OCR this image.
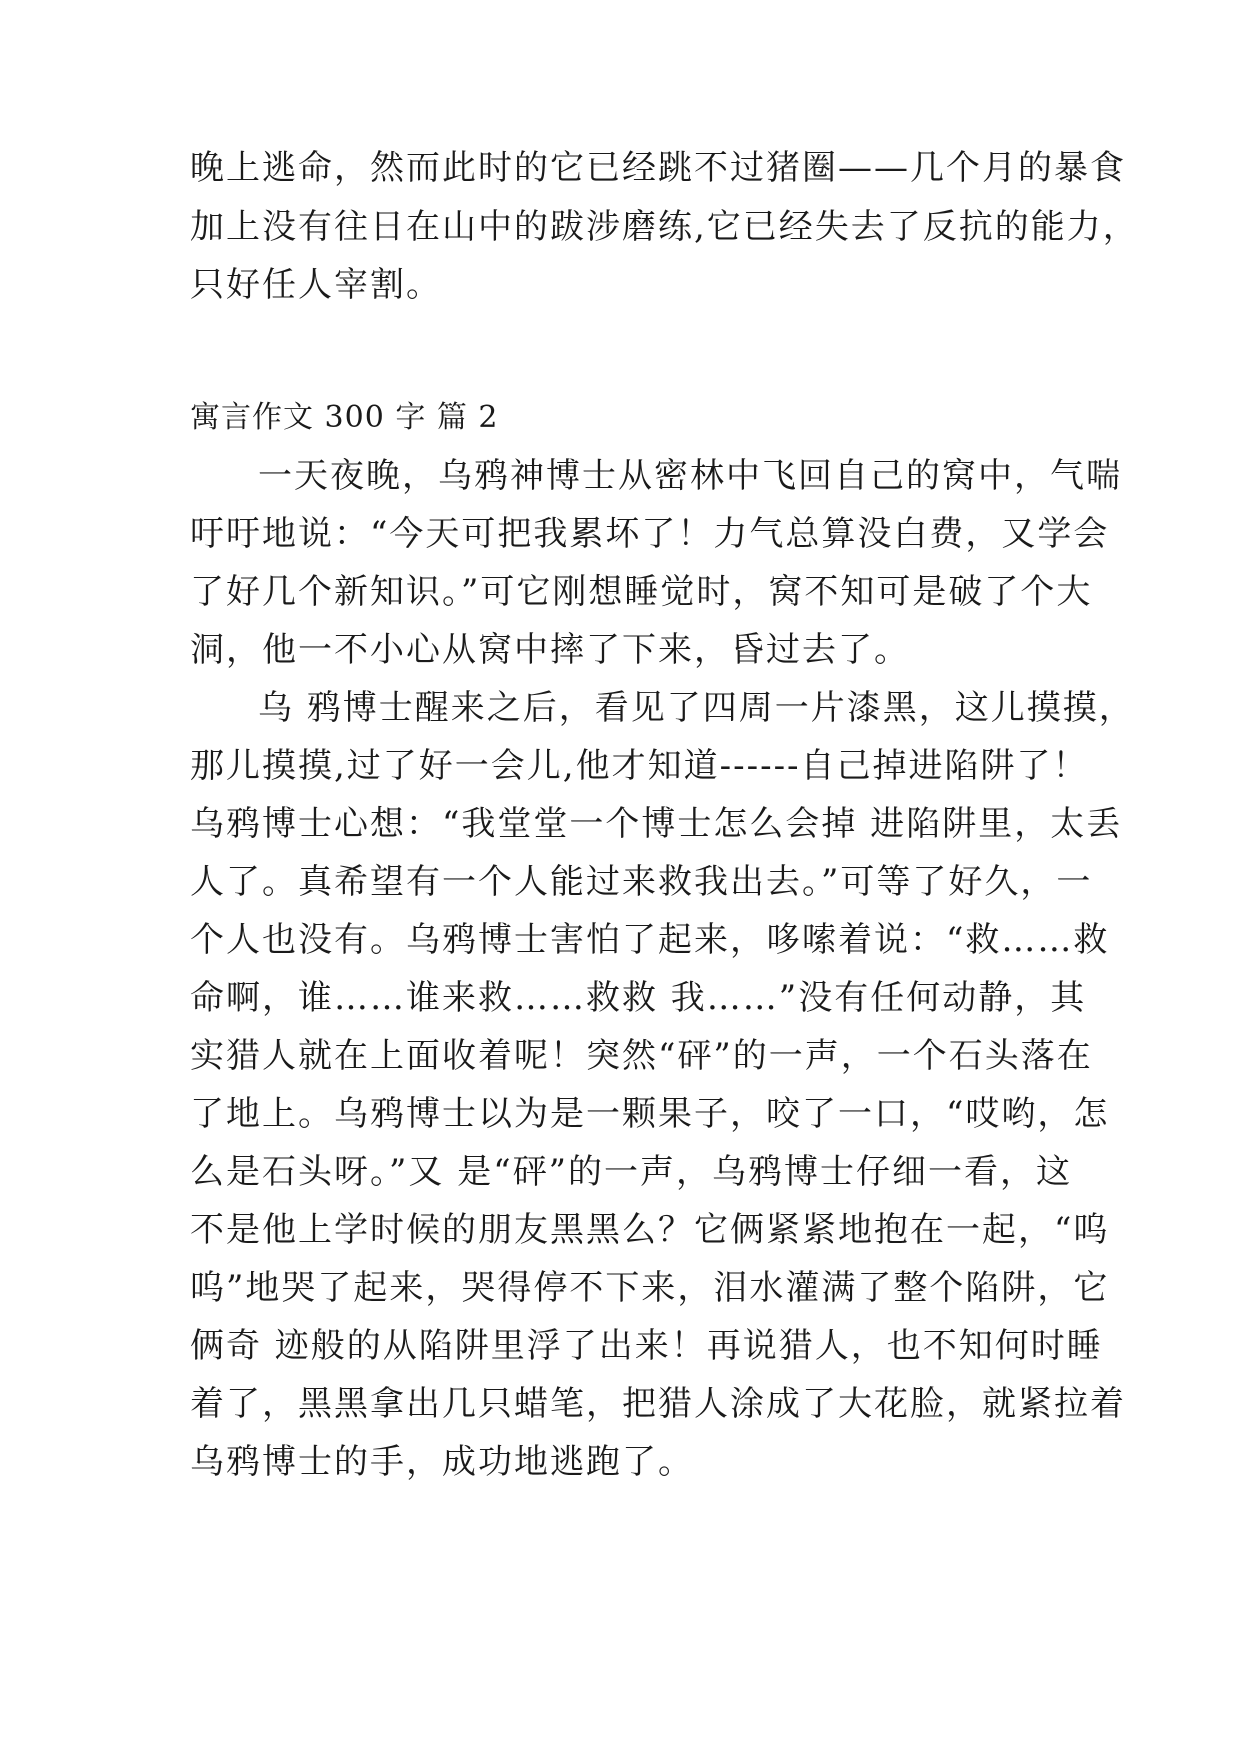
晚上逃命，然而此时的它已经跳不过猪圈——几个月的暴食
加上没有往日在山中的跋涉磨练,它已经失去了反抗的能力，
只好任人宰割。
寓言作文 300 字 篇 2
一天夜晚，乌鸦神博士从密林中飞回自己的窝中，气喘
吁吁地说：“今天可把我累坏了！力气总算没白费，又学会
了好几个新知识。”可它刚想睡觉时，窝不知可是破了个大
洞，他一不小心从窝中摔了下来，昏过去了。
乌 鸦博士醒来之后，看见了四周一片漆黑，这儿摸摸，
那儿摸摸,过了好一会儿,他才知道------自己掉进陷阱了！
乌鸦博士心想：“我堂堂一个博士怎么会掉 进陷阱里，太丢
人了。真希望有一个人能过来救我出去。”可等了好久，一
个人也没有。乌鸦博士害怕了起来，哆嗦着说：“救……救
命啊，谁……谁来救……救救 我……”没有任何动静，其
实猎人就在上面收着呢！突然“砰”的一声，一个石头落在
了地上。乌鸦博士以为是一颗果子，咬了一口，“哎哟，怎
么是石头呀。”又 是“砰”的一声，乌鸦博士仔细一看，这
不是他上学时候的朋友黑黑么？它俩紧紧地抱在一起，“呜
呜”地哭了起来，哭得停不下来，泪水灌满了整个陷阱，它
俩奇 迹般的从陷阱里浮了出来！再说猎人，也不知何时睡
着了，黑黑拿出几只蜡笔，把猎人涂成了大花脸，就紧拉着
乌鸦博士的手，成功地逃跑了。
